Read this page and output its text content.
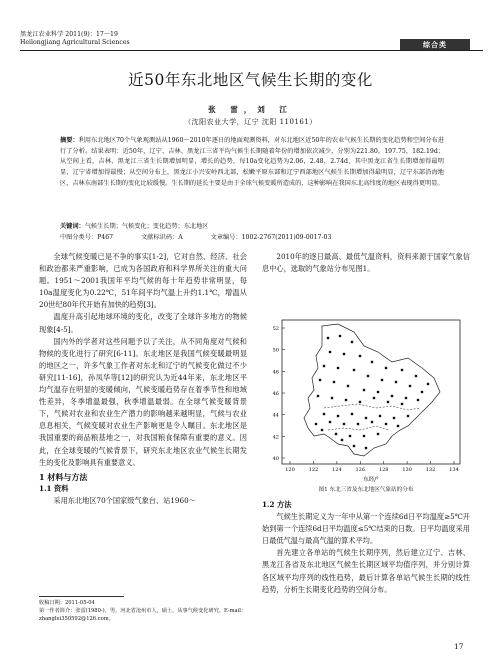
黑龙江农业科学 2011(9)：17～19
Heilongjiang Agricultural Sciences	综合类
近50年东北地区气候生长期的变化
张 雷，刘 江
（沈阳农业大学，辽宁 沈阳 110161）
摘要：利用东北地区70个气象观测站从1960～2010年逐日的地面观测资料，对东北地区近50年的农业气候生长期的变化趋势和空间分布进行了分析。结果表明：近50年，辽宁、吉林、黑龙江三省平均气候生长期随着年份的增加依次减少，分别为221.80，197.75，182.19d；从空间上看，吉林、黑龙江三省生长期增加明显，增长的趋势，每10a变化趋势为2.06，2.48，2.74d，其中黑龙江省生长期增加得最明显，辽宁省增加得最慢；从空间分布上，黑龙江小兴安岭西北部，松嫩平原东部和辽宁西部地区气候生长期增加得最明显，辽宁东部沿海地区，吉林东南部生长期的变化比较缓慢。生长期的延长主要是由于全球气候变暖所造成的，这种影响在我国东北高纬度的地区表现得更明显。
关键词：气候生长期；气候变化；变化趋势；东北地区
中图分类号：P467	文献标识码：A	文章编号：1002-2767(2011)09-0017-03

全球气候变暖已是不争的事实[1-2]，它对自然、经济、社会和政治都来严重影响，已成为各国政府和科学界所关注的重大问题。1951～2001我国年平均气候的每十年趋势非常明显，每10a温度变化为0.22℃，51年间平均气温上升约1.1℃，增温从20世纪80年代开始有加快的趋势[3]。

温度升高引起地球环境的变化，改变了全球许多地方的物候现象[4-5]。

国内外的学者对这些问题予以了关注，从不同角度对气候和物候的变化进行了研究[6-11]。东北地区是我国气候变暖最明显的地区之一，许多气象工作者对东北和辽宁的气候变化做过不少研究[11-16]，孙凤华等[12]的研究认为近44年来，东北地区平均气温存在明显的变暖倾向，气候变暖趋势存在着季节性和地域性差异，冬季增温最强，秋季增温最弱。在全球气候变暖背景下，气候对农业和农业生产潜力的影响越来越明显，气候与农业息息相关，气候变暖对农业生产影响更是令人瞩目。东北地区是我国重要的商品粮基地之一，对我国粮食保障有重要的意义。因此，在全球变暖的气候背景下，研究东北地区农业气候生长期发生的变化及影响具有重要意义。

1 材料与方法

1.1 资料

采用东北地区70个国家级气象台、站1960～

2010年的逐日最高、最低气温资料，资料来源于国家气象信息中心，选取的气象站分布见图1。

40
42
44
46
48
50
52
120	122	124	126	128	130	132	134
东经/°
图1 东北三省及东北地区气象站的分布

1.2 方法

气候生长期定义为一年中从第一个连续6d日平均温度≥5℃开始到第一个连续6d日平均温度≤5℃结束的日数。日平均温度采用日最低气温与最高气温的算术平均。

首先建立各单站的气候生长期序列，然后建立辽宁、吉林、黑龙江各省及东北地区气候生长期区域平均值序列，并分别计算各区域平均序列的线性趋势，最后计算各单站气候生长期的线性趋势，分析生长期变化趋势的空间分布。

收稿日期：2011-05-04
第一作者简介：张雷(1980-)，男，河北省沧州市人，硕士，从事气候变化研究。E-mail：zhanglei350592@126.com。
17
